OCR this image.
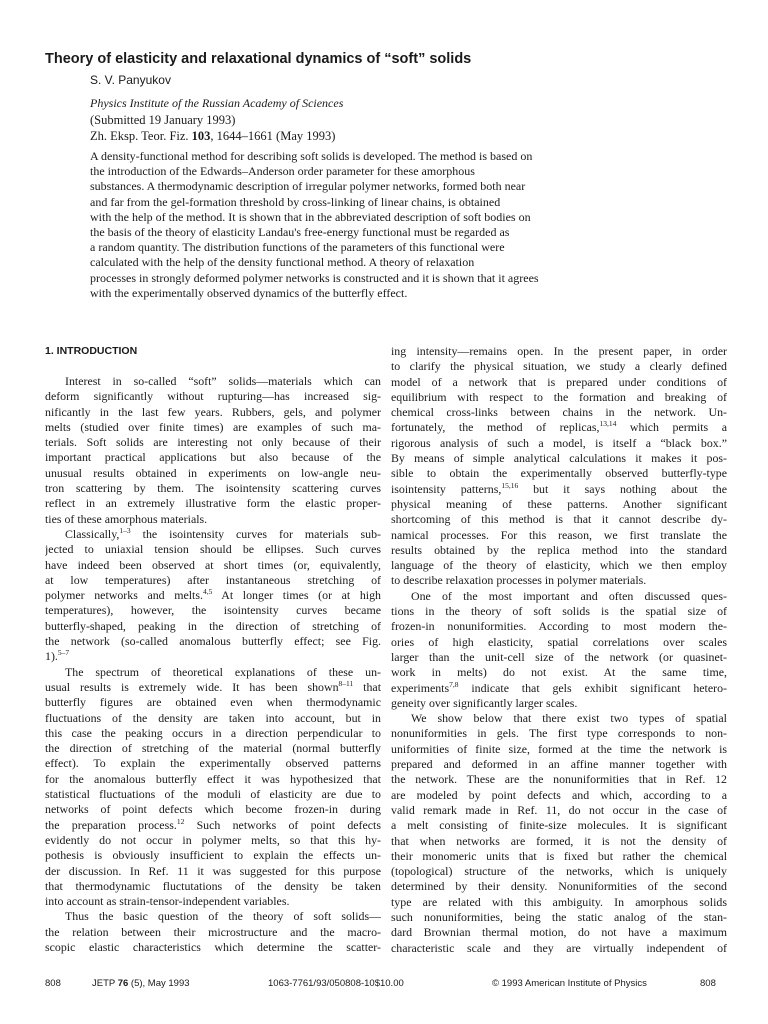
Theory of elasticity and relaxational dynamics of “soft” solids
S. V. Panyukov
Physics Institute of the Russian Academy of Sciences
(Submitted 19 January 1993)
Zh. Eksp. Teor. Fiz. 103, 1644–1661 (May 1993)
A density-functional method for describing soft solids is developed. The method is based on
the introduction of the Edwards–Anderson order parameter for these amorphous
substances. A thermodynamic description of irregular polymer networks, formed both near
and far from the gel-formation threshold by cross-linking of linear chains, is obtained
with the help of the method. It is shown that in the abbreviated description of soft bodies on
the basis of the theory of elasticity Landau's free-energy functional must be regarded as
a random quantity. The distribution functions of the parameters of this functional were
calculated with the help of the density functional method. A theory of relaxation
processes in strongly deformed polymer networks is constructed and it is shown that it agrees
with the experimentally observed dynamics of the butterfly effect.
1. INTRODUCTION
Interest in so-called “soft” solids—materials which can
deform significantly without rupturing—has increased sig-
nificantly in the last few years. Rubbers, gels, and polymer
melts (studied over finite times) are examples of such ma-
terials. Soft solids are interesting not only because of their
important practical applications but also because of the
unusual results obtained in experiments on low-angle neu-
tron scattering by them. The isointensity scattering curves
reflect in an extremely illustrative form the elastic proper-
ties of these amorphous materials.
Classically,$^{1-3}$ the isointensity curves for materials sub-
jected to uniaxial tension should be ellipses. Such curves
have indeed been observed at short times (or, equivalently,
at low temperatures) after instantaneous stretching of
polymer networks and melts.$^{4,5}$ At longer times (or at high
temperatures), however, the isointensity curves became
butterfly-shaped, peaking in the direction of stretching of
the network (so-called anomalous butterfly effect; see Fig.
1).$^{5-7}$
The spectrum of theoretical explanations of these un-
usual results is extremely wide. It has been shown$^{8-11}$ that
butterfly figures are obtained even when thermodynamic
fluctuations of the density are taken into account, but in
this case the peaking occurs in a direction perpendicular to
the direction of stretching of the material (normal butterfly
effect). To explain the experimentally observed patterns
for the anomalous butterfly effect it was hypothesized that
statistical fluctuations of the moduli of elasticity are due to
networks of point defects which become frozen-in during
the preparation process.$^{12}$ Such networks of point defects
evidently do not occur in polymer melts, so that this hy-
pothesis is obviously insufficient to explain the effects un-
der discussion. In Ref. 11 it was suggested for this purpose
that thermodynamic fluctutations of the density be taken
into account as strain-tensor-independent variables.
Thus the basic question of the theory of soft solids—
the relation between their microstructure and the macro-
scopic elastic characteristics which determine the scatter-
ing intensity—remains open. In the present paper, in order
to clarify the physical situation, we study a clearly defined
model of a network that is prepared under conditions of
equilibrium with respect to the formation and breaking of
chemical cross-links between chains in the network. Un-
fortunately, the method of replicas,$^{13,14}$ which permits a
rigorous analysis of such a model, is itself a “black box.”
By means of simple analytical calculations it makes it pos-
sible to obtain the experimentally observed butterfly-type
isointensity patterns,$^{15,16}$ but it says nothing about the
physical meaning of these patterns. Another significant
shortcoming of this method is that it cannot describe dy-
namical processes. For this reason, we first translate the
results obtained by the replica method into the standard
language of the theory of elasticity, which we then employ
to describe relaxation processes in polymer materials.
One of the most important and often discussed ques-
tions in the theory of soft solids is the spatial size of
frozen-in nonuniformities. According to most modern the-
ories of high elasticity, spatial correlations over scales
larger than the unit-cell size of the network (or quasinet-
work in melts) do not exist. At the same time,
experiments$^{7,8}$ indicate that gels exhibit significant hetero-
geneity over significantly larger scales.
We show below that there exist two types of spatial
nonuniformities in gels. The first type corresponds to non-
uniformities of finite size, formed at the time the network is
prepared and deformed in an affine manner together with
the network. These are the nonuniformities that in Ref. 12
are modeled by point defects and which, according to a
valid remark made in Ref. 11, do not occur in the case of
a melt consisting of finite-size molecules. It is significant
that when networks are formed, it is not the density of
their monomeric units that is fixed but rather the chemical
(topological) structure of the networks, which is uniquely
determined by their density. Nonuniformities of the second
type are related with this ambiguity. In amorphous solids
such nonuniformities, being the static analog of the stan-
dard Brownian thermal motion, do not have a maximum
characteristic scale and they are virtually independent of
808	JETP 76 (5), May 1993	1063-7761/93/050808-10$10.00	© 1993 American Institute of Physics	808
